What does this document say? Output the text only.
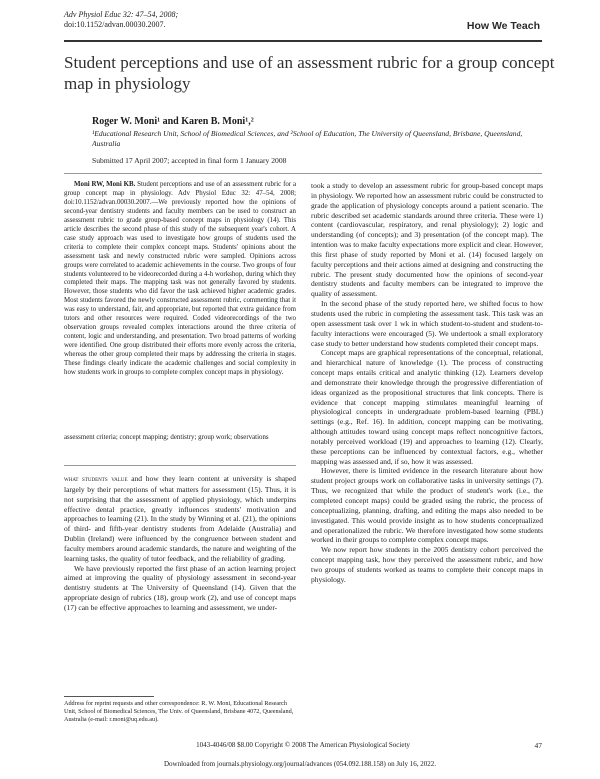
Adv Physiol Educ 32: 47–54, 2008;
doi:10.1152/advan.00030.2007.	How We Teach
Student perceptions and use of an assessment rubric for a group concept map in physiology
Roger W. Moni¹ and Karen B. Moni¹,²
¹Educational Research Unit, School of Biomedical Sciences, and ²School of Education, The University of Queensland, Brisbane, Queensland, Australia
Submitted 17 April 2007; accepted in final form 1 January 2008

Moni RW, Moni KB. Student perceptions and use of an assessment rubric for a group concept map in physiology. Adv Physiol Educ 32: 47–54, 2008; doi:10.1152/advan.00030.2007.—We previously reported how the opinions of second-year dentistry students and faculty members can be used to construct an assessment rubric to grade group-based concept maps in physiology (14). This article describes the second phase of this study of the subsequent year's cohort. A case study approach was used to investigate how groups of students used the criteria to complete their complex concept maps. Students' opinions about the assessment task and newly constructed rubric were sampled. Opinions across groups were correlated to academic achievements in the course. Two groups of four students volunteered to be videorecorded during a 4-h workshop, during which they completed their maps. The mapping task was not generally favored by students. However, those students who did favor the task achieved higher academic grades. Most students favored the newly constructed assessment rubric, commenting that it was easy to understand, fair, and appropriate, but reported that extra guidance from tutors and other resources were required. Coded videorecordings of the two observation groups revealed complex interactions around the three criteria of content, logic and understanding, and presentation. Two broad patterns of working were identified. One group distributed their efforts more evenly across the criteria, whereas the other group completed their maps by addressing the criteria in stages. These findings clearly indicate the academic challenges and social complexity in how students work in groups to complete complex concept maps in physiology.

assessment criteria; concept mapping; dentistry; group work; observations

what students value and how they learn content at university is shaped largely by their perceptions of what matters for assessment (15). Thus, it is not surprising that the assessment of applied physiology, which underpins effective dental practice, greatly influences students' motivation and approaches to learning (21). In the study by Winning et al. (21), the opinions of third- and fifth-year dentistry students from Adelaide (Australia) and Dublin (Ireland) were influenced by the congruence between student and faculty members around academic standards, the nature and weighting of the learning tasks, the quality of tutor feedback, and the reliability of grading.

We have previously reported the first phase of an action learning project aimed at improving the quality of physiology assessment in second-year dentistry students at The University of Queensland (14). Given that the appropriate design of rubrics (18), group work (2), and use of concept maps (17) can be effective approaches to learning and assessment, we under-

took a study to develop an assessment rubric for group-based concept maps in physiology. We reported how an assessment rubric could be constructed to grade the application of physiology concepts around a patient scenario. The rubric described set academic standards around three criteria. These were 1) content (cardiovascular, respiratory, and renal physiology); 2) logic and understanding (of concepts); and 3) presentation (of the concept map). The intention was to make faculty expectations more explicit and clear. However, this first phase of study reported by Moni et al. (14) focused largely on faculty perceptions and their actions aimed at designing and constructing the rubric. The present study documented how the opinions of second-year dentistry students and faculty members can be integrated to improve the quality of assessment.

In the second phase of the study reported here, we shifted focus to how students used the rubric in completing the assessment task. This task was an open assessment task over 1 wk in which student-to-student and student-to-faculty interactions were encouraged (5). We undertook a small exploratory case study to better understand how students completed their concept maps.

Concept maps are graphical representations of the conceptual, relational, and hierarchical nature of knowledge (1). The process of constructing concept maps entails critical and analytic thinking (12). Learners develop and demonstrate their knowledge through the progressive differentiation of ideas organized as the propositional structures that link concepts. There is evidence that concept mapping stimulates meaningful learning of physiological concepts in undergraduate problem-based learning (PBL) settings (e.g., Ref. 16). In addition, concept mapping can be motivating, although attitudes toward using concept maps reflect noncognitive factors, notably perceived workload (19) and approaches to learning (12). Clearly, these perceptions can be influenced by contextual factors, e.g., whether mapping was assessed and, if so, how it was assessed.

However, there is limited evidence in the research literature about how student project groups work on collaborative tasks in university settings (7). Thus, we recognized that while the product of student's work (i.e., the completed concept maps) could be graded using the rubric, the process of conceptualizing, planning, drafting, and editing the maps also needed to be investigated. This would provide insight as to how students conceptualized and operationalized the rubric. We therefore investigated how some students worked in their groups to complete complex concept maps.

We now report how students in the 2005 dentistry cohort perceived the concept mapping task, how they perceived the assessment rubric, and how two groups of students worked as teams to complete their concept maps in physiology.

Address for reprint requests and other correspondence: R. W. Moni, Educational Research Unit, School of Biomedical Sciences, The Univ. of Queensland, Brisbane 4072, Queensland, Australia (e-mail: r.moni@uq.edu.au).
1043-4046/08 $8.00 Copyright © 2008 The American Physiological Society	47
Downloaded from journals.physiology.org/journal/advances (054.092.188.158) on July 16, 2022.
